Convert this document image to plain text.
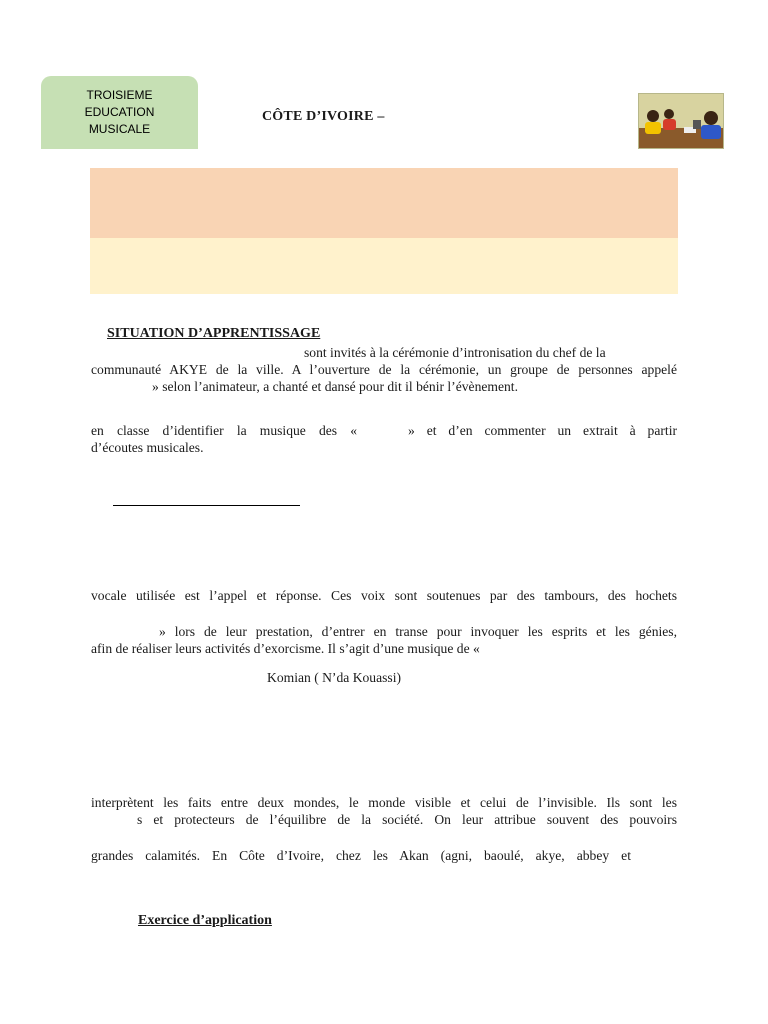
TROISIEME
EDUCATION
MUSICALE
CÔTE D’IVOIRE –
SITUATION D’APPRENTISSAGE
sont invités à la cérémonie d’intronisation du chef de la
communauté AKYE de la ville. A l’ouverture de la cérémonie, un groupe de personnes appelé
» selon l’animateur, a chanté et dansé pour dit il bénir l’évènement.
en classe d’identifier la musique des «	» et d’en commenter un extrait à partir
d’écoutes musicales.
vocale utilisée est l’appel et réponse. Ces voix sont soutenues par des tambours, des hochets
» lors de leur prestation, d’entrer en transe pour invoquer les esprits et les génies,
afin de réaliser leurs activités d’exorcisme. Il s’agit d’une musique de «
Komian ( N’da Kouassi)
interprètent les faits entre deux mondes, le monde visible et celui de l’invisible. Ils sont les
s et protecteurs de l’équilibre de la société. On leur attribue souvent des pouvoirs
grandes calamités. En Côte d’Ivoire, chez les Akan (agni, baoulé, akye, abbey et
Exercice d’application
